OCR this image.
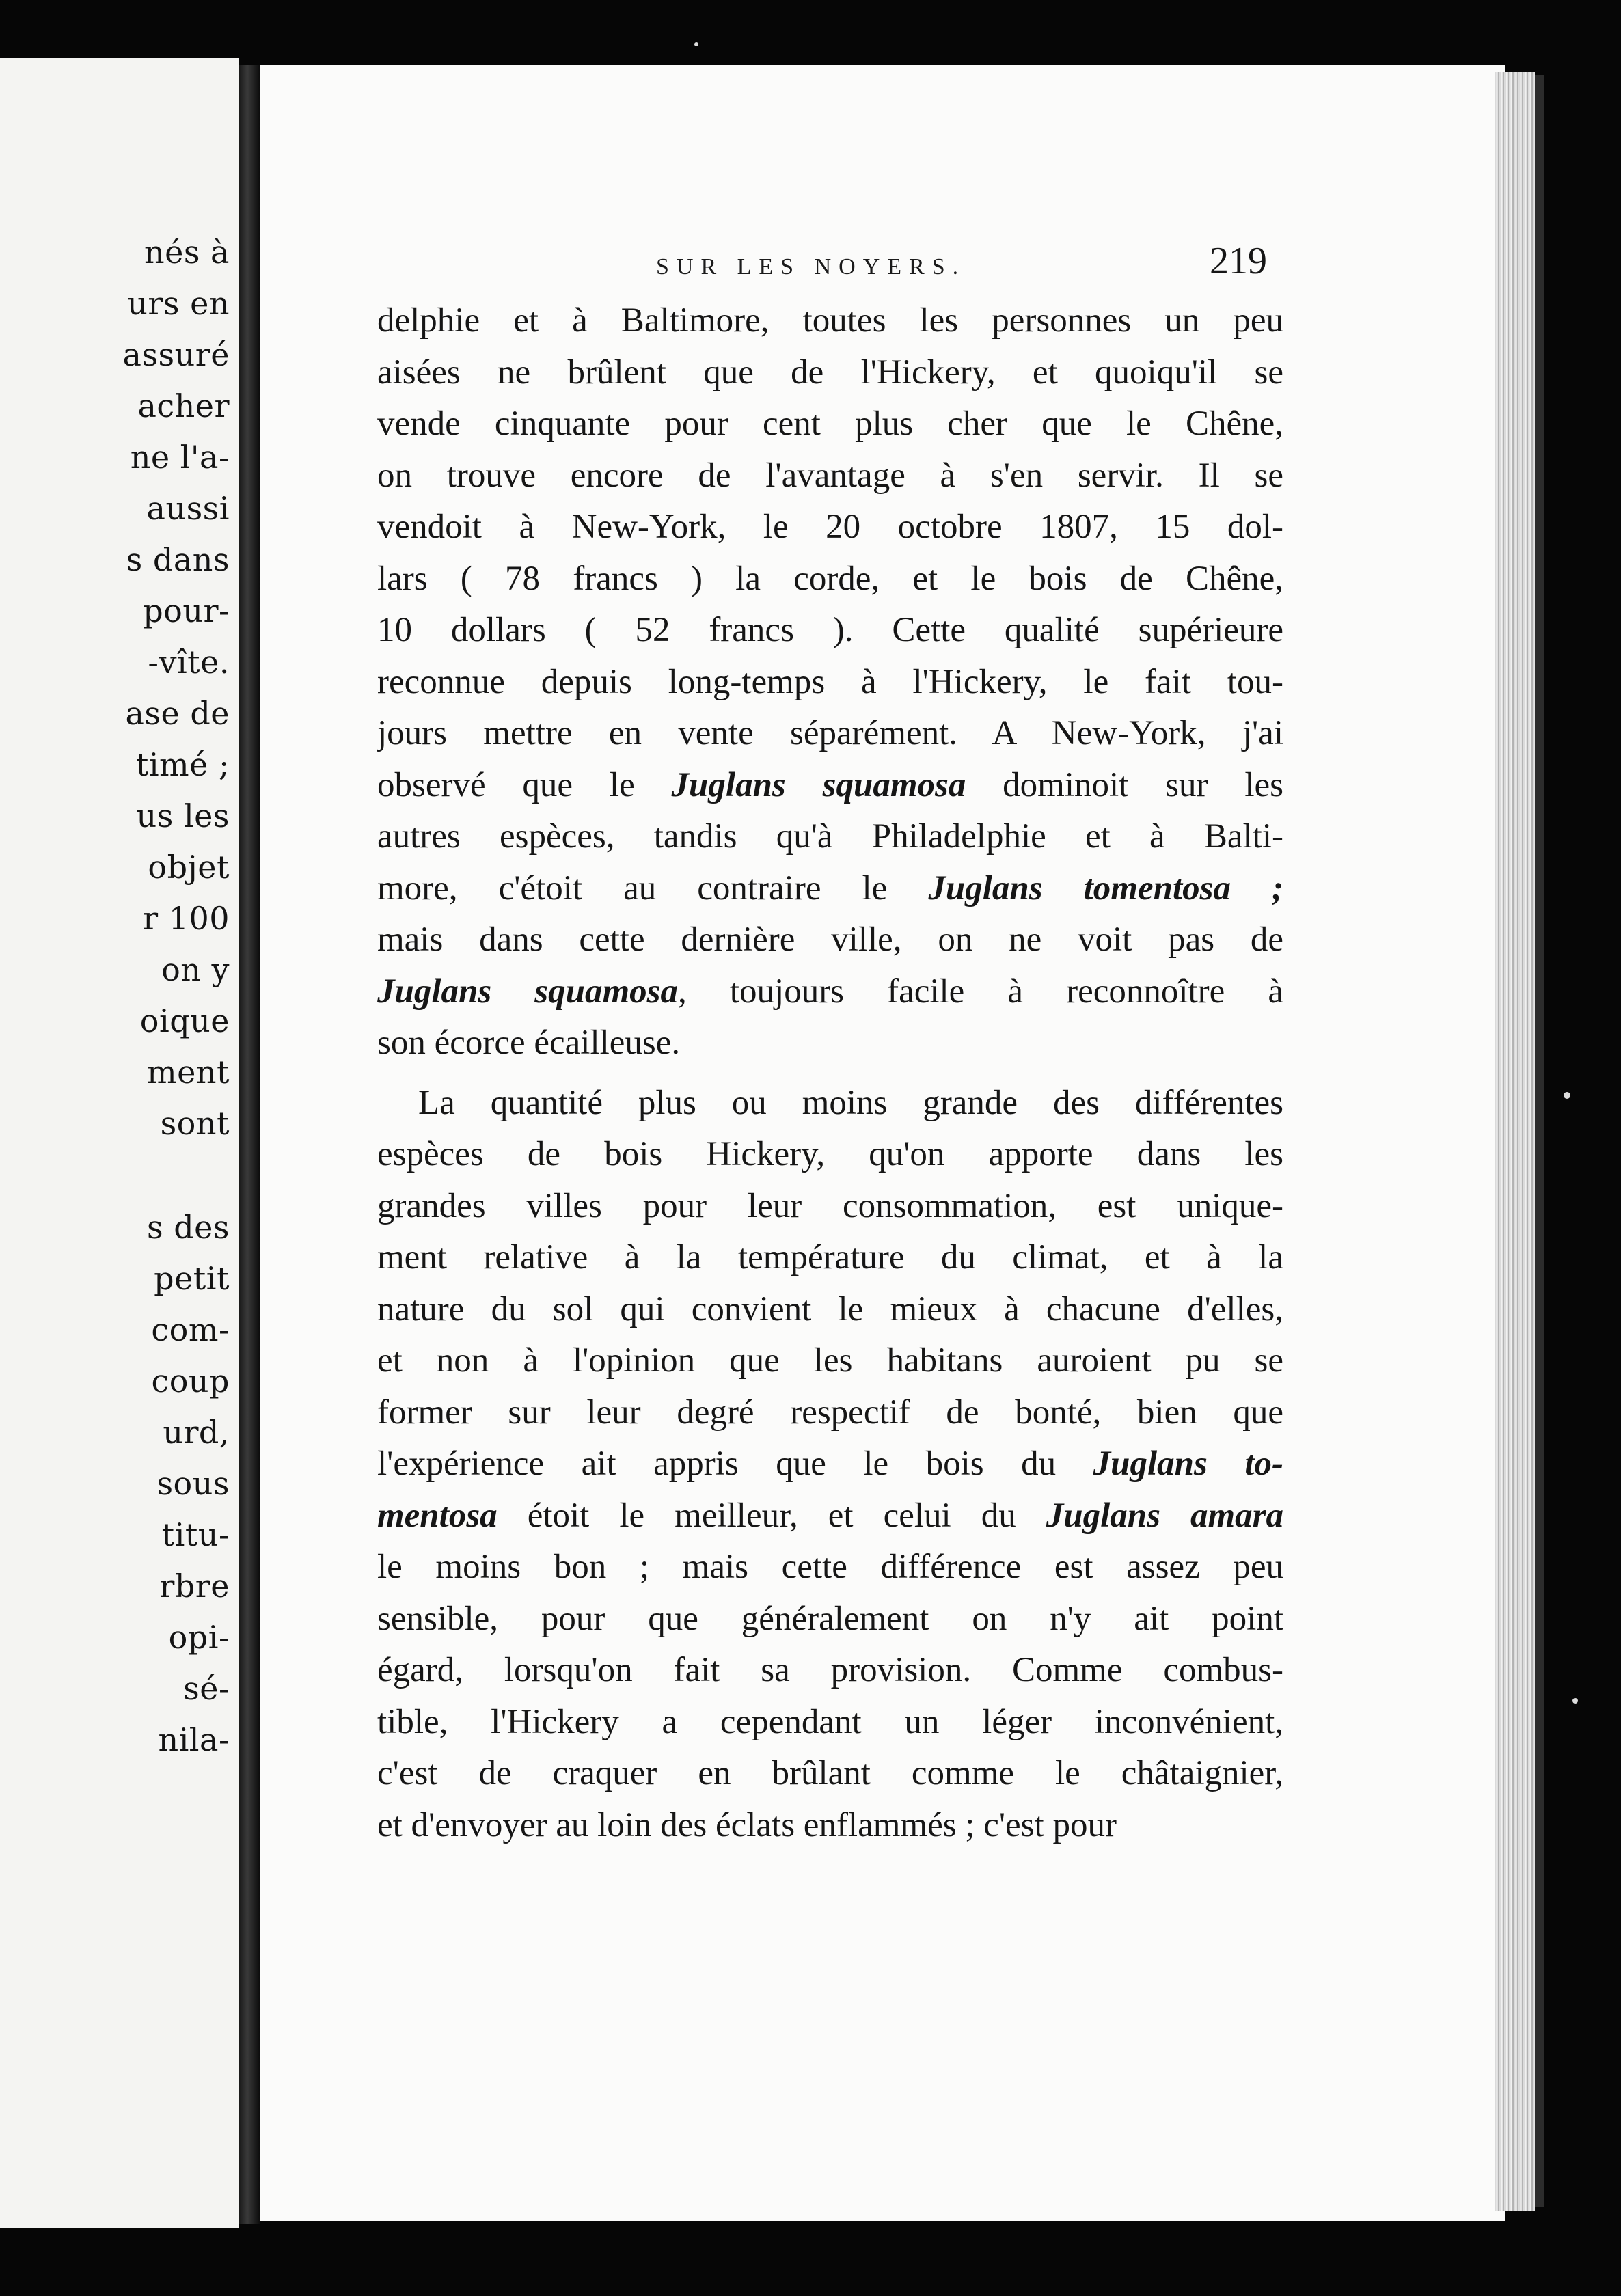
nés à
urs en
assuré
acher
ne l'a-
aussi
s dans
pour-
-vîte.
ase de
timé ;
us les
objet
r 100
on y
oique
ment
sont
s des
petit
com-
coup
urd,
sous
titu-
rbre
opi-
sé-
nila-
SUR LES NOYERS.	219
delphie et à Baltimore, toutes les personnes un peu
aisées ne brûlent que de l'Hickery, et quoiqu'il se
vende cinquante pour cent plus cher que le Chêne,
on trouve encore de l'avantage à s'en servir. Il se
vendoit à New-York, le 20 octobre 1807, 15 dol-
lars ( 78 francs ) la corde, et le bois de Chêne,
10 dollars ( 52 francs ). Cette qualité supérieure
reconnue depuis long-temps à l'Hickery, le fait tou-
jours mettre en vente séparément. A New-York, j'ai
observé que le Juglans squamosa dominoit sur les
autres espèces, tandis qu'à Philadelphie et à Balti-
more, c'étoit au contraire le Juglans tomentosa ;
mais dans cette dernière ville, on ne voit pas de
Juglans squamosa, toujours facile à reconnoître à
son écorce écailleuse.
La quantité plus ou moins grande des différentes
espèces de bois Hickery, qu'on apporte dans les
grandes villes pour leur consommation, est unique-
ment relative à la température du climat, et à la
nature du sol qui convient le mieux à chacune d'elles,
et non à l'opinion que les habitans auroient pu se
former sur leur degré respectif de bonté, bien que
l'expérience ait appris que le bois du Juglans to-
mentosa étoit le meilleur, et celui du Juglans amara
le moins bon ; mais cette différence est assez peu
sensible, pour que généralement on n'y ait point
égard, lorsqu'on fait sa provision. Comme combus-
tible, l'Hickery a cependant un léger inconvénient,
c'est de craquer en brûlant comme le châtaignier,
et d'envoyer au loin des éclats enflammés ; c'est pour
